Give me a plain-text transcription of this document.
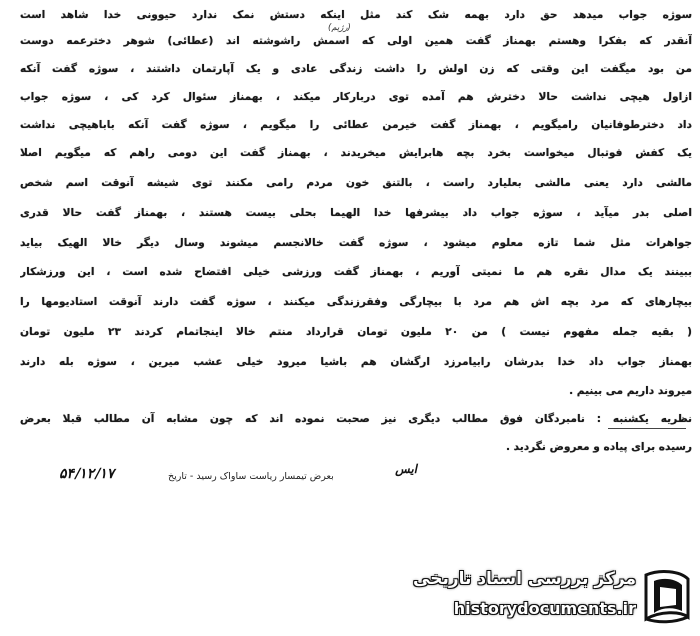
سوژه جواب میدهد حق دارد بهمه شک کند مثل اینکه دستش نمک ندارد حیوونی خدا شاهد است
(رژیم)
آنقدر که بفکرا وهستم بهمناز گفت همین اولی که اسمش راشوشته اند (عطائی) شوهر دخترعمه دوست
من بود میگفت این وقتی که زن اولش را داشت زندگی عادی و یک آپارتمان داشتند ، سوژه گفت آنکه
ازاول هیچی نداشت حالا دخترش هم آمده توی دربارکار میکند ، بهمناز سئوال کرد کی ، سوژه جواب
داد دخترطوفانیان رامیگویم ، بهمناز گفت خیرمن عطائی را میگویم ، سوژه گفت آنکه باباهیچی نداشت
یک کفش فوتبال میخواست بخرد بچه هابرایش میخریدند ، بهمناز گفت این دومی راهم که میگویم اصلا
مالشی دارد یعنی مالشی بعلیارد راست ، بالتنق خون مردم رامی مکنند توی شیشه آنوقت اسم شخص
اصلی بدر میآید ، سوژه جواب داد بیشرفها خدا الهیما بحلی بیست هستند ، بهمناز گفت حالا قدری
جواهرات مثل شما تازه معلوم میشود ، سوژه گفت خالانجسم میشوند وسال دیگر خالا الهیک بیاید
ببینند یک مدال نقره هم ما نمیتی آوریم ، بهمناز گفت ورزشی خیلی افتضاح شده است ، این ورزشکار
بیچارهای که مرد بچه اش هم مرد با بیچارگی وفقرزندگی میکنند ، سوژه گفت دارند آنوقت استادیومها را
( بقیه جمله مفهوم نیست ) من ۲۰ ملیون تومان قرارداد منتم خالا اینجاتمام کردند ۲۳ ملیون تومان
بهمناز جواب داد خدا بدرشان رابیامرزد ارگشان هم باشیا میرود خیلی عشب میرین ، سوژه بله دارند
میروند داریم می بینیم .
نظریه یکشنبه : نامبردگان فوق مطالب دیگری نیز صحبت نموده اند که چون مشابه آن مطالب قبلا بعرض
رسیده برای پیاده و معروض نگردید .
بعرض تیمسار ریاست ساواک رسید - تاریخ
۵۴/۱۲/۱۷	ایس
مرکز بررسی اسناد تاریخی
historydocuments.ir
